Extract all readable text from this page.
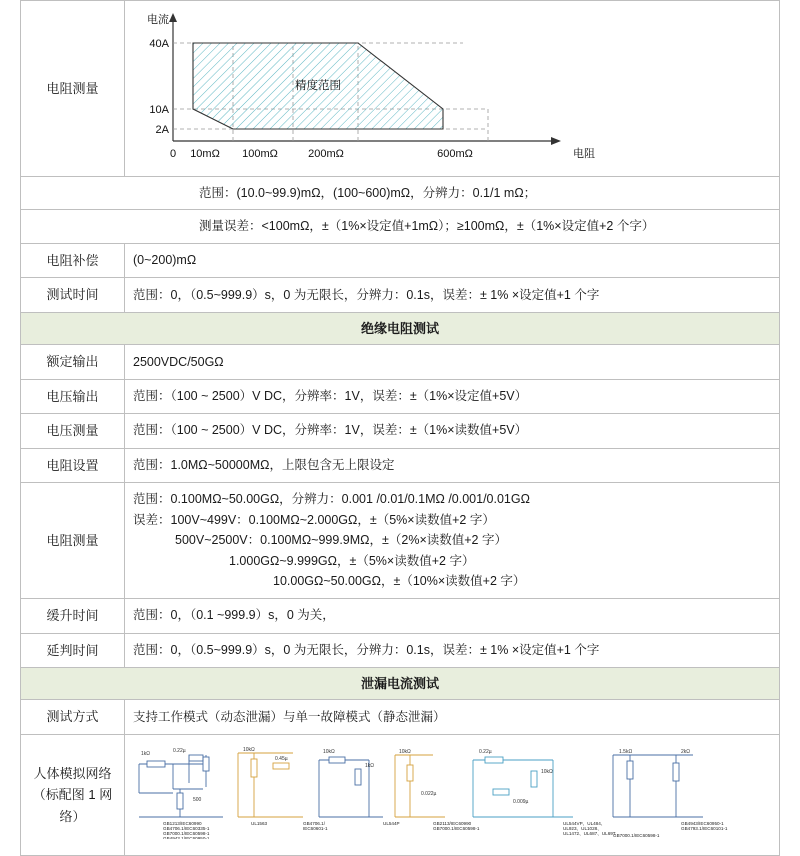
电阻测量	
电流
40A
10A
2A
0 10mΩ 100mΩ	200mΩ	600mΩ	电阻
精度范围

范围：(10.0~99.9)mΩ，(100~600)mΩ，分辨力：0.1/1 mΩ；	
测量误差：<100mΩ，±（1%×设定值+1mΩ）；≥100mΩ，±（1%×设定值+2 个字）	
电阻补偿	(0~200)mΩ
测试时间	范围：0，（0.5~999.9）s，0 为无限长，分辨力：0.1s，误差：± 1% ×设定值+1 个字
绝缘电阻测试	
额定输出	2500VDC/50GΩ
电压输出	范围：（100 ~ 2500）V DC，分辨率：1V，误差：±（1%×设定值+5V）
电压测量	范围：（100 ~ 2500）V DC，分辨率：1V，误差：±（1%×读数值+5V）
电阻设置	范围：1.0MΩ~50000MΩ，上限包含无上限设定
电阻测量	范围：0.100MΩ~50.00GΩ，分辨力：0.001 /0.01/0.1MΩ /0.001/0.01GΩ
误差：100V~499V：0.100MΩ~2.000GΩ，±（5%×读数值+2 字）
500V~2500V：0.100MΩ~999.9MΩ，±（2%×读数值+2 字）
1.000GΩ~9.999GΩ，±（5%×读数值+2 字）
10.00GΩ~50.00GΩ，±（10%×读数值+2 字）

缓升时间	范围：0，（0.1 ~999.9）s，0 为关，
延判时间	范围：0，（0.5~999.9）s，0 为无限长，分辨力：0.1s，误差：± 1% ×设定值+1 个字
泄漏电流测试	
测试方式	支持工作模式（动态泄漏）与单一故障模式（静态泄漏）

人体模拟网络
（标配图 1 网
络）

1kΩ	0.22µ
500
10kΩ
0.45µ
10kΩ
1kΩ
10kΩ
0.022µ
0.22µ
10kΩ
0.009µ
1.5kΩ	2kΩ
GB1213/IEC60990
GB4706.1/IEC60335-1
GB7000.1/IEC60598-1
GB4943.1/IEC60950-1
UL1563	GB4706.1/
IEC60601-1
UL544P	GB2113/IEC60990
GB7000.1/IEC60598-1
UL544VP、UL484、
UL923、UL1028、
UL1472、UL687、UL69T
GB4943/IEC60950-1
GB4793.1/IEC60101-1
GB7000.1/IEC60598-1
